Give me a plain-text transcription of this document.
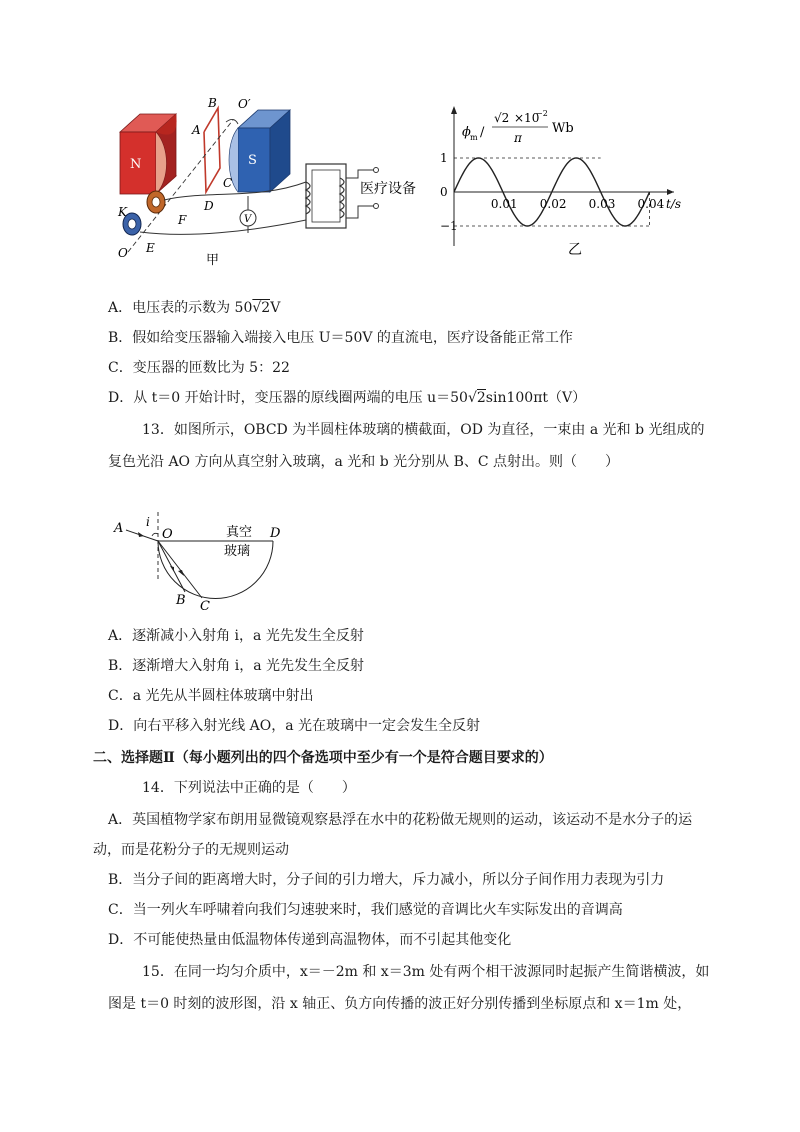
N	S
B O′
A
C
D
F
K
O E
V
医疗设备
甲
ϕ m /
√2 ×10
−2
π
Wb
1
0
−1
0.01 0.02 0.03 0.04 t/s
乙
A．电压表的示数为 50√2V
B．假如给变压器输入端接入电压 U＝50V 的直流电，医疗设备能正常工作
C．变压器的匝数比为 5：22
D．从 t＝0 开始计时，变压器的原线圈两端的电压 u＝50√2sin100πt（V）
13．如图所示，OBCD 为半圆柱体玻璃的横截面，OD 为直径，一束由 a 光和 b 光组成的
复色光沿 AO 方向从真空射入玻璃，a 光和 b 光分别从 B、C 点射出。则（　　）
A i
O	真空 D
玻璃
B C
A．逐渐减小入射角 i，a 光先发生全反射
B．逐渐增大入射角 i，a 光先发生全反射
C．a 光先从半圆柱体玻璃中射出
D．向右平移入射光线 AO，a 光在玻璃中一定会发生全反射
二、选择题Ⅱ（每小题列出的四个备选项中至少有一个是符合题目要求的）
14．下列说法中正确的是（　　）
A．英国植物学家布朗用显微镜观察悬浮在水中的花粉做无规则的运动，该运动不是水分子的运
动，而是花粉分子的无规则运动
B．当分子间的距离增大时，分子间的引力增大，斥力减小，所以分子间作用力表现为引力
C．当一列火车呼啸着向我们匀速驶来时，我们感觉的音调比火车实际发出的音调高
D．不可能使热量由低温物体传递到高温物体，而不引起其他变化
15．在同一均匀介质中，x＝－2m 和 x＝3m 处有两个相干波源同时起振产生简谐横波，如
图是 t＝0 时刻的波形图，沿 x 轴正、负方向传播的波正好分别传播到坐标原点和 x＝1m 处，
